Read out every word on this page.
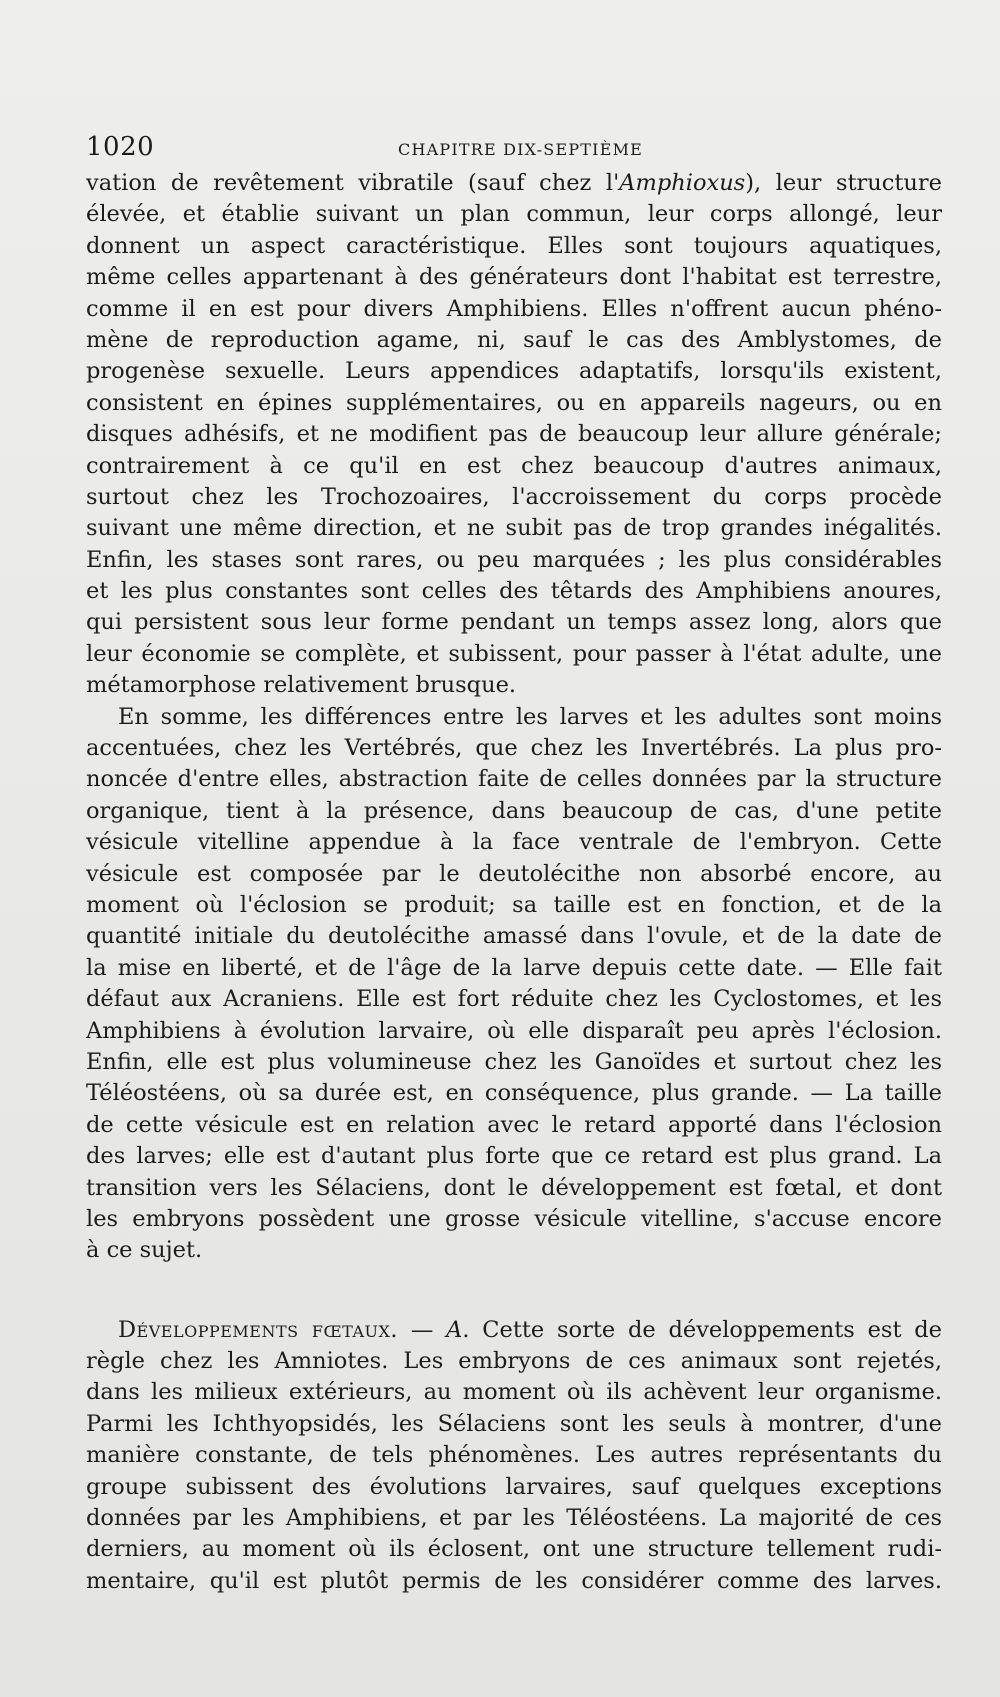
1020	CHAPITRE DIX-SEPTIÈME
vation de revêtement vibratile (sauf chez l'Amphioxus), leur structure
élevée, et établie suivant un plan commun, leur corps allongé, leur
donnent un aspect caractéristique. Elles sont toujours aquatiques,
même celles appartenant à des générateurs dont l'habitat est terrestre,
comme il en est pour divers Amphibiens. Elles n'offrent aucun phéno-
mène de reproduction agame, ni, sauf le cas des Amblystomes, de
progenèse sexuelle. Leurs appendices adaptatifs, lorsqu'ils existent,
consistent en épines supplémentaires, ou en appareils nageurs, ou en
disques adhésifs, et ne modifient pas de beaucoup leur allure générale;
contrairement à ce qu'il en est chez beaucoup d'autres animaux,
surtout chez les Trochozoaires, l'accroissement du corps procède
suivant une même direction, et ne subit pas de trop grandes inégalités.
Enfin, les stases sont rares, ou peu marquées ; les plus considérables
et les plus constantes sont celles des têtards des Amphibiens anoures,
qui persistent sous leur forme pendant un temps assez long, alors que
leur économie se complète, et subissent, pour passer à l'état adulte, une
métamorphose relativement brusque.
En somme, les différences entre les larves et les adultes sont moins
accentuées, chez les Vertébrés, que chez les Invertébrés. La plus pro-
noncée d'entre elles, abstraction faite de celles données par la structure
organique, tient à la présence, dans beaucoup de cas, d'une petite
vésicule vitelline appendue à la face ventrale de l'embryon. Cette
vésicule est composée par le deutolécithe non absorbé encore, au
moment où l'éclosion se produit; sa taille est en fonction, et de la
quantité initiale du deutolécithe amassé dans l'ovule, et de la date de
la mise en liberté, et de l'âge de la larve depuis cette date. — Elle fait
défaut aux Acraniens. Elle est fort réduite chez les Cyclostomes, et les
Amphibiens à évolution larvaire, où elle disparaît peu après l'éclosion.
Enfin, elle est plus volumineuse chez les Ganoïdes et surtout chez les
Téléostéens, où sa durée est, en conséquence, plus grande. — La taille
de cette vésicule est en relation avec le retard apporté dans l'éclosion
des larves; elle est d'autant plus forte que ce retard est plus grand. La
transition vers les Sélaciens, dont le développement est fœtal, et dont
les embryons possèdent une grosse vésicule vitelline, s'accuse encore
à ce sujet.
Développements fœtaux. — A. Cette sorte de développements est de
règle chez les Amniotes. Les embryons de ces animaux sont rejetés,
dans les milieux extérieurs, au moment où ils achèvent leur organisme.
Parmi les Ichthyopsidés, les Sélaciens sont les seuls à montrer, d'une
manière constante, de tels phénomènes. Les autres représentants du
groupe subissent des évolutions larvaires, sauf quelques exceptions
données par les Amphibiens, et par les Téléostéens. La majorité de ces
derniers, au moment où ils éclosent, ont une structure tellement rudi-
mentaire, qu'il est plutôt permis de les considérer comme des larves.
